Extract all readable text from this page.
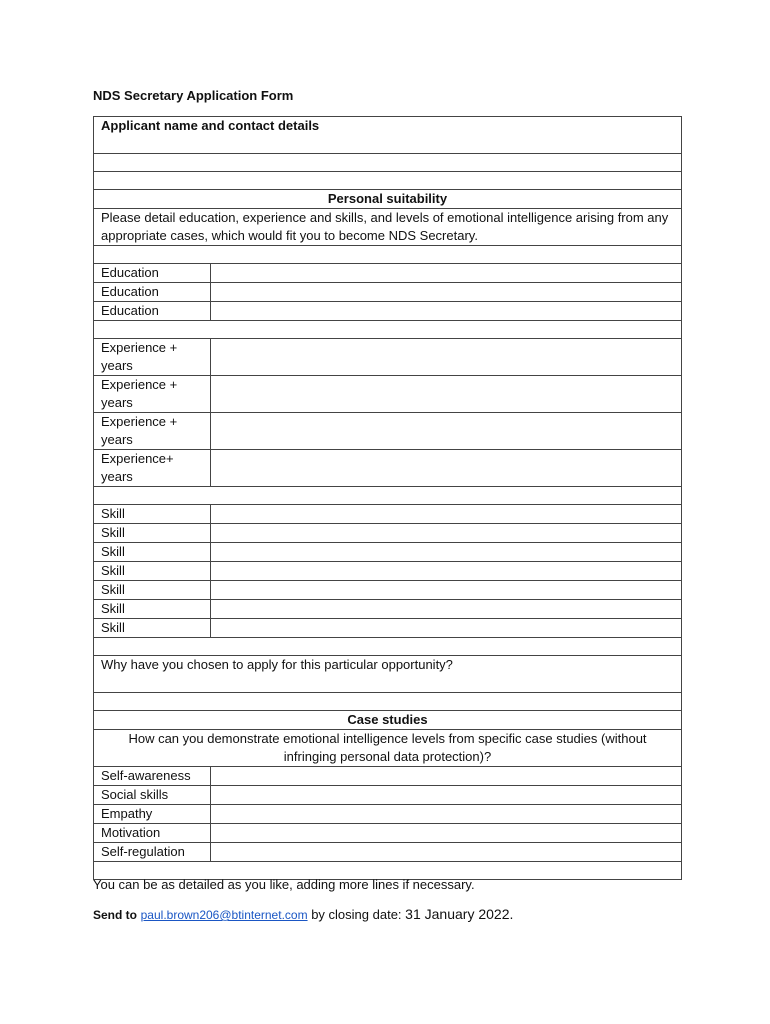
NDS Secretary Application Form
Applicant name and contact details	

Personal suitability	
Please detail education, experience and skills, and levels of emotional intelligence arising from any appropriate cases, which would fit you to become NDS Secretary.	

Education	
Education	
Education	

Experience + years	
Experience + years	
Experience + years	
Experience+ years	

Skill	
Skill	
Skill	
Skill	
Skill	
Skill	
Skill	

Why have you chosen to apply for this particular opportunity?	

Case studies	
How can you demonstrate emotional intelligence levels from specific case studies (without infringing personal data protection)?	
Self-awareness	
Social skills	
Empathy	
Motivation	
Self-regulation	

You can be as detailed as you like, adding more lines if necessary.
Send to paul.brown206@btinternet.com by closing date: 31 January 2022.
